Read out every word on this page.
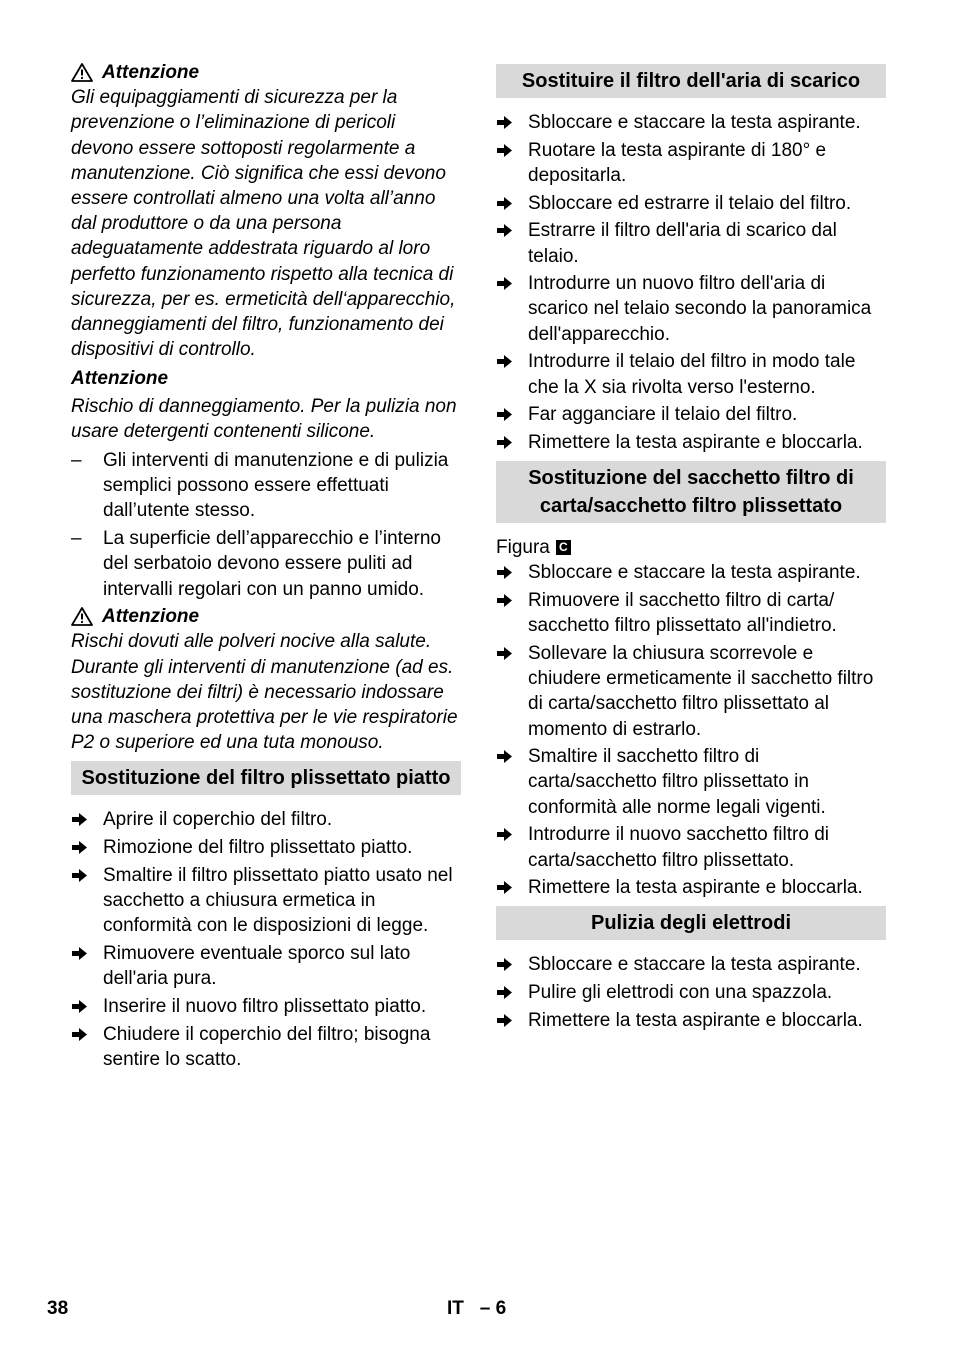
Attenzione

Gli equipaggiamenti di sicurezza per la prevenzione o l’eliminazione di pericoli devono essere sottoposti regolarmente a manutenzione. Ciò significa che essi devono essere controllati almeno una volta all’anno dal produttore o da una persona adeguatamente addestrata riguardo al loro perfetto funzionamento rispetto alla tecnica di sicurezza, per es. ermeticità dell‘apparecchio, danneggiamenti del filtro, funzionamento dei dispositivi di controllo.

Attenzione

Rischio di danneggiamento. Per la pulizia non usare detergenti contenenti silicone.

–	Gli interventi di manutenzione e di pulizia semplici possono essere effettuati dall’utente stesso.
–	La superficie dell’apparecchio e l’interno del serbatoio devono essere puliti ad intervalli regolari con un panno umido.
Attenzione

Rischi dovuti alle polveri nocive alla salute. Durante gli interventi di manutenzione (ad es. sostituzione dei filtri) è necessario indossare una maschera protettiva per le vie respiratorie P2 o superiore ed una tuta monouso.

Sostituzione del filtro plissettato piatto
Aprire il coperchio del filtro.
Rimozione del filtro plissettato piatto.
Smaltire il filtro plissettato piatto usato nel sacchetto a chiusura ermetica in conformità con le disposizioni di legge.
Rimuovere eventuale sporco sul lato dell'aria pura.
Inserire il nuovo filtro plissettato piatto.
Chiudere il coperchio del filtro; bisogna sentire lo scatto.
Sostituire il filtro dell'aria di scarico
Sbloccare e staccare la testa aspirante.
Ruotare la testa aspirante di 180° e depositarla.
Sbloccare ed estrarre il telaio del filtro.
Estrarre il filtro dell'aria di scarico dal telaio.
Introdurre un nuovo filtro dell'aria di scarico nel telaio secondo la panoramica dell'apparecchio.
Introdurre il telaio del filtro in modo tale che la X sia rivolta verso l'esterno.
Far agganciare il telaio del filtro.
Rimettere la testa aspirante e bloccarla.
Sostituzione del sacchetto filtro di carta/sacchetto filtro plissettato
Figura C
Sbloccare e staccare la testa aspirante.
Rimuovere il sacchetto filtro di carta/ sacchetto filtro plissettato all'indietro.
Sollevare la chiusura scorrevole e chiudere ermeticamente il sacchetto filtro di carta/sacchetto filtro plissettato al momento di estrarlo.
Smaltire il sacchetto filtro di carta/sacchetto filtro plissettato in conformità alle norme legali vigenti.
Introdurre il nuovo sacchetto filtro di carta/sacchetto filtro plissettato.
Rimettere la testa aspirante e bloccarla.
Pulizia degli elettrodi
Sbloccare e staccare la testa aspirante.
Pulire gli elettrodi con una spazzola.
Rimettere la testa aspirante e bloccarla.
38	IT   – 6
